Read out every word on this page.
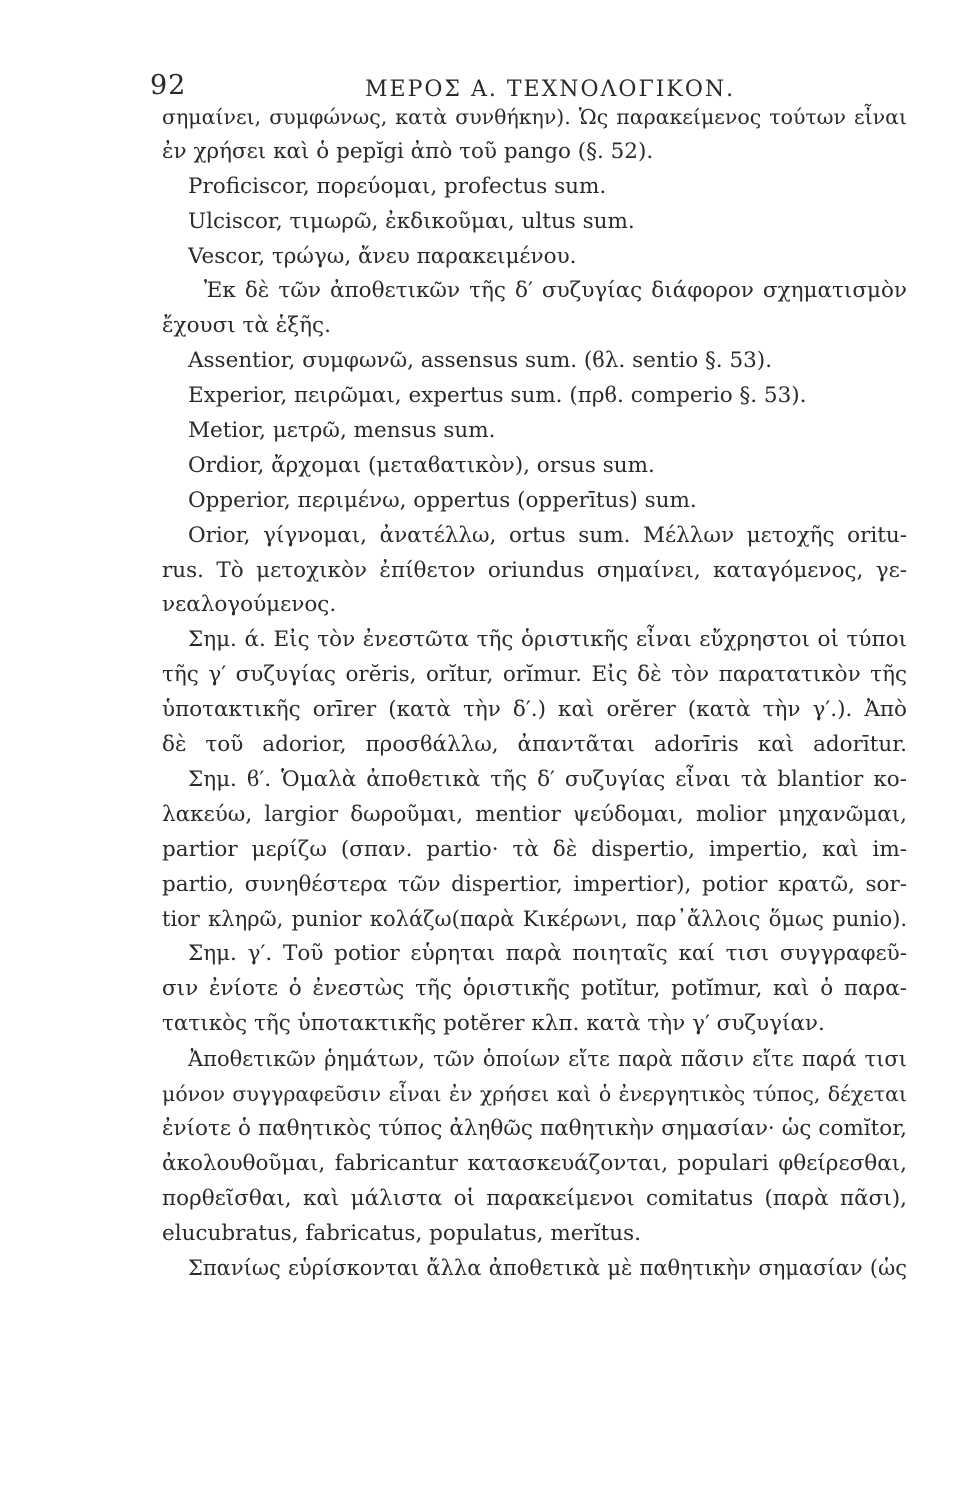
92	ΜΕΡΟΣ Α. ΤΕΧΝΟΛΟΓΙΚΟΝ.
σημαίνει, συμφώνως, κατὰ συνθήκην). Ὡς παρακείμενος τούτων εἶναι
ἐν χρήσει καὶ ὁ pepĭgi ἀπὸ τοῦ pango (§. 52).
Proficiscor, πορεύομαι, profectus sum.
Ulciscor, τιμωρῶ, ἐκδικοῦμαι, ultus sum.
Vescor, τρώγω, ἄνευ παρακειμένου.
Ἐκ δὲ τῶν ἀποθετικῶν τῆς δ′ συζυγίας διάφορον σχηματισμὸν
ἔχουσι τὰ ἑξῆς.
Assentior, συμφωνῶ, assensus sum. (ϐλ. sentio §. 53).
Experior, πειρῶμαι, expertus sum. (πρϐ. comperio §. 53).
Metior, μετρῶ, mensus sum.
Ordior, ἄρχομαι (μεταϐατικὸν), orsus sum.
Opperior, περιμένω, oppertus (opperītus) sum.
Orior, γίγνομαι, ἀνατέλλω, ortus sum. Μέλλων μετοχῆς oritu-
rus. Τὸ μετοχικὸν ἐπίθετον oriundus σημαίνει, καταγόμενος, γε-
νεαλογούμενος.
Σημ. ά. Εἰς τὸν ἐνεστῶτα τῆς ὁριστικῆς εἶναι εὔχρηστοι οἱ τύποι
τῆς γ′ συζυγίας orĕris, orĭtur, orĭmur. Εἰς δὲ τὸν παρατατικὸν τῆς
ὑποτακτικῆς orīrer (κατὰ τὴν δ′.) καὶ orĕrer (κατὰ τὴν γ′.). Ἀπὸ
δὲ τοῦ adorior, προσϐάλλω, ἀπαντᾶται adorīris καὶ adorītur.
Σημ. ϐ′. Ὁμαλὰ ἀποθετικὰ τῆς δ′ συζυγίας εἶναι τὰ blantior κο-
λακεύω, largior δωροῦμαι, mentior ψεύδομαι, molior μηχανῶμαι,
partior μερίζω (σπαν. partio· τὰ δὲ dispertio, impertio, καὶ im-
partio, συνηθέστερα τῶν dispertior, impertior), potior κρατῶ, sor-
tior κληρῶ, punior κολάζω(παρὰ Κικέρωνι, παρ᾽ἄλλοις ὅμως punio).
Σημ. γ′. Τοῦ potior εὑρηται παρὰ ποιηταῖς καί τισι συγγραφεῦ-
σιν ἐνίοτε ὁ ἐνεστὼς τῆς ὁριστικῆς potĭtur, potĭmur, καὶ ὁ παρα-
τατικὸς τῆς ὑποτακτικῆς potĕrer κλπ. κατὰ τὴν γ′ συζυγίαν.
Ἀποθετικῶν ῥημάτων, τῶν ὁποίων εἴτε παρὰ πᾶσιν εἴτε παρά τισι
μόνον συγγραφεῦσιν εἶναι ἐν χρήσει καὶ ὁ ἐνεργητικὸς τύπος, δέχεται
ἐνίοτε ὁ παθητικὸς τύπος ἀληθῶς παθητικὴν σημασίαν· ὡς comĭtor,
ἀκολουθοῦμαι, fabricantur κατασκευάζονται, populari φθείρεσθαι,
πορθεῖσθαι, καὶ μάλιστα οἱ παρακείμενοι comitatus (παρὰ πᾶσι),
elucubratus, fabricatus, populatus, merĭtus.
Σπανίως εὑρίσκονται ἄλλα ἀποθετικὰ μὲ παθητικὴν σημασίαν (ὡς
